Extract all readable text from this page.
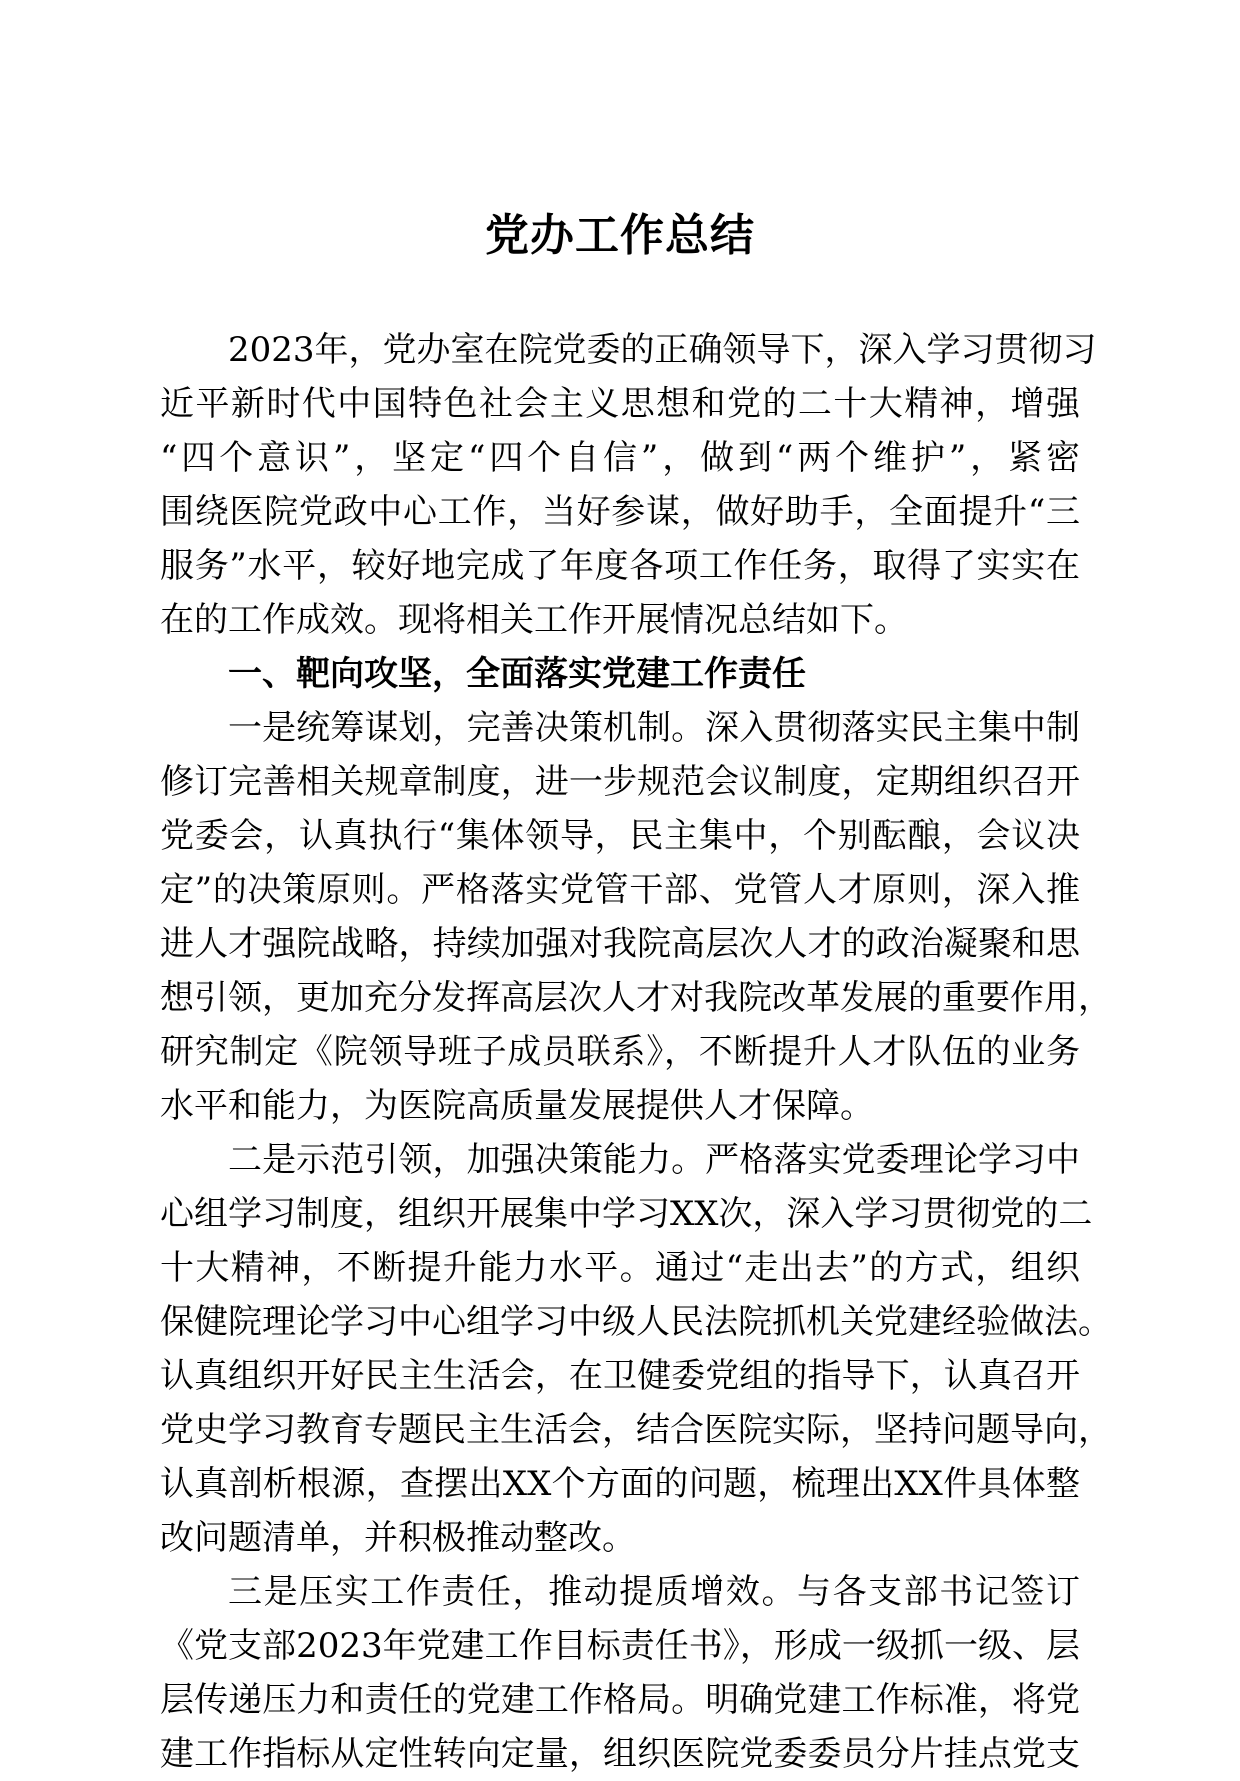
党办工作总结

2023年，党办室在院党委的正确领导下，深入学习贯彻习

近平新时代中国特色社会主义思想和党的二十大精神，增强

“四个意识”，坚定“四个自信”，做到“两个维护”，紧密

围绕医院党政中心工作，当好参谋，做好助手，全面提升“三

服务”水平，较好地完成了年度各项工作任务，取得了实实在

在的工作成效。现将相关工作开展情况总结如下。

一、靶向攻坚，全面落实党建工作责任

一是统筹谋划，完善决策机制。深入贯彻落实民主集中制

修订完善相关规章制度，进一步规范会议制度，定期组织召开

党委会，认真执行“集体领导，民主集中，个别酝酿，会议决

定”的决策原则。严格落实党管干部、党管人才原则，深入推

进人才强院战略，持续加强对我院高层次人才的政治凝聚和思

想引领，更加充分发挥高层次人才对我院改革发展的重要作用，

研究制定《院领导班子成员联系》，不断提升人才队伍的业务

水平和能力，为医院高质量发展提供人才保障。

二是示范引领，加强决策能力。严格落实党委理论学习中

心组学习制度，组织开展集中学习XX次，深入学习贯彻党的二

十大精神，不断提升能力水平。通过“走出去”的方式，组织

保健院理论学习中心组学习中级人民法院抓机关党建经验做法。

认真组织开好民主生活会，在卫健委党组的指导下，认真召开

党史学习教育专题民主生活会，结合医院实际，坚持问题导向，

认真剖析根源，查摆出XX个方面的问题，梳理出XX件具体整

改问题清单，并积极推动整改。

三是压实工作责任，推动提质增效。与各支部书记签订

《党支部2023年党建工作目标责任书》，形成一级抓一级、层

层传递压力和责任的党建工作格局。明确党建工作标准，将党

建工作指标从定性转向定量，组织医院党委委员分片挂点党支
